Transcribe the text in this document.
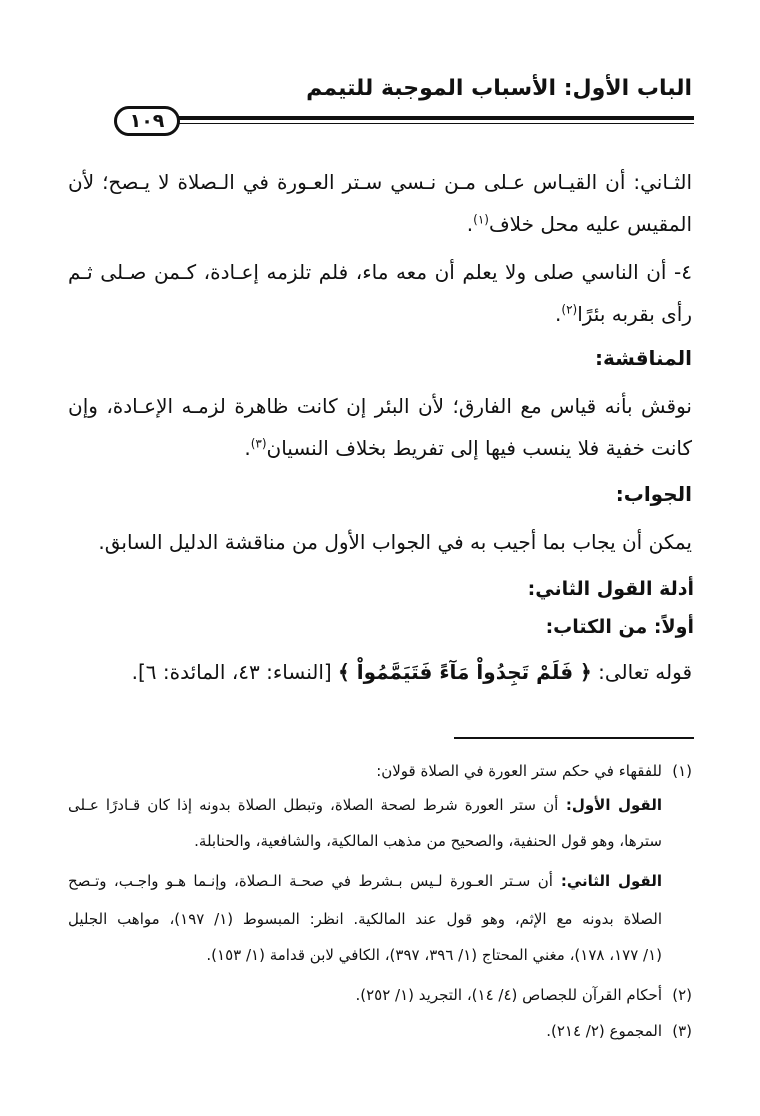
الباب الأول: الأسباب الموجبة للتيمم
١٠٩
الثـاني: أن القيـاس عـلى مـن نـسي سـتر العـورة في الـصلاة لا يـصح؛ لأن
المقيس عليه محل خلاف$^{(١)}$.
٤- أن الناسي صلى ولا يعلم أن معه ماء، فلم تلزمه إعـادة، كـمن صـلى ثـم
رأى بقربه بئرًا$^{(٢)}$.
المناقشة:
نوقش بأنه قياس مع الفارق؛ لأن البئر إن كانت ظاهرة لزمـه الإعـادة، وإن
كانت خفية فلا ينسب فيها إلى تفريط بخلاف النسيان$^{(٣)}$.
الجواب:
يمكن أن يجاب بما أجيب به في الجواب الأول من مناقشة الدليل السابق.
أدلة القول الثاني:
أولاً: من الكتاب:
قوله تعالى: ﴿ فَلَمْ تَجِدُواْ مَآءً فَتَيَمَّمُواْ ﴾ [النساء: ٤٣، المائدة: ٦].
(١)للفقهاء في حكم ستر العورة في الصلاة قولان:
القول الأول: أن ستر العورة شرط لصحة الصلاة، وتبطل الصلاة بدونه إذا كان قـادرًا عـلى
سترها، وهو قول الحنفية، والصحيح من مذهب المالكية، والشافعية، والحنابلة.
القول الثاني: أن سـتر العـورة لـيس بـشرط في صحـة الـصلاة، وإنـما هـو واجـب، وتـصح
الصلاة بدونه مع الإثم، وهو قول عند المالكية. انظر: المبسوط (١/ ١٩٧)، مواهب الجليل
(١/ ١٧٧، ١٧٨)، مغني المحتاج (١/ ٣٩٦، ٣٩٧)، الكافي لابن قدامة (١/ ١٥٣).
(٢)أحكام القرآن للجصاص (٤/ ١٤)، التجريد (١/ ٢٥٢).
(٣)المجموع (٢/ ٢١٤).
